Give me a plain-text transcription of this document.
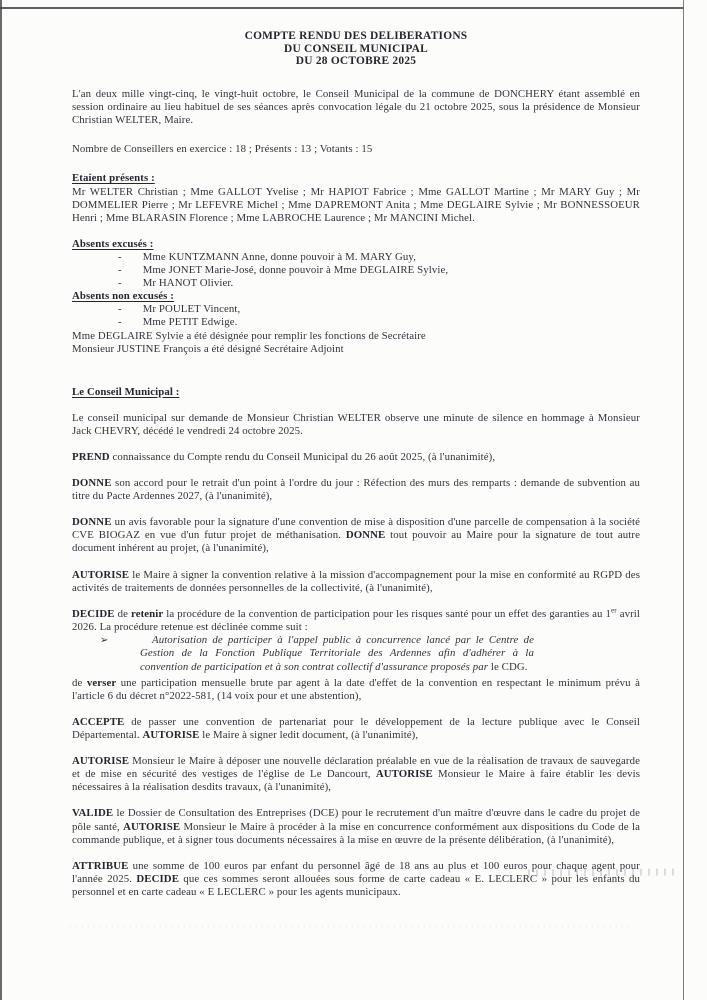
COMPTE RENDU DES DELIBERATIONS
DU CONSEIL MUNICIPAL
DU 28 OCTOBRE 2025
L'an deux mille vingt-cinq, le vingt-huit octobre, le Conseil Municipal de la commune de DONCHERY étant assemblé en session ordinaire au lieu habituel de ses séances après convocation légale du 21 octobre 2025, sous la présidence de Monsieur Christian WELTER, Maire.
Nombre de Conseillers en exercice : 18 ; Présents : 13 ; Votants : 15
Etaient présents :
Mr WELTER Christian ; Mme GALLOT Yvelise ; Mr HAPIOT Fabrice ; Mme GALLOT Martine ; Mr MARY Guy ; Mr DOMMELIER Pierre ; Mr LEFEVRE Michel ; Mme DAPREMONT Anita ; Mme DEGLAIRE Sylvie ; Mr BONNESSOEUR Henri ; Mme BLARASIN Florence ; Mme LABROCHE Laurence ; Mr MANCINI Michel.
Absents excusés :
- Mme KUNTZMANN Anne, donne pouvoir à M. MARY Guy,
- Mme JONET Marie-José, donne pouvoir à Mme DEGLAIRE Sylvie,
- Mr HANOT Olivier.
Absents non excusés :
- Mr POULET Vincent,
- Mme PETIT Edwige.
Mme DEGLAIRE Sylvie a été désignée pour remplir les fonctions de Secrétaire
Monsieur JUSTINE François a été désigné Secrétaire Adjoint
Le Conseil Municipal :
Le conseil municipal sur demande de Monsieur Christian WELTER observe une minute de silence en hommage à Monsieur Jack CHEVRY, décédé le vendredi 24 octobre 2025.
PREND connaissance du Compte rendu du Conseil Municipal du 26 août 2025, (à l'unanimité),
DONNE son accord pour le retrait d'un point à l'ordre du jour : Réfection des murs des remparts : demande de subvention au titre du Pacte Ardennes 2027, (à l'unanimité),
DONNE un avis favorable pour la signature d'une convention de mise à disposition d'une parcelle de compensation à la société CVE BIOGAZ en vue d'un futur projet de méthanisation. DONNE tout pouvoir au Maire pour la signature de tout autre document inhérent au projet, (à l'unanimité),
AUTORISE le Maire à signer la convention relative à la mission d'accompagnement pour la mise en conformité au RGPD des activités de traitements de données personnelles de la collectivité, (à l'unanimité),
DECIDE de retenir la procédure de la convention de participation pour les risques santé pour un effet des garanties au 1er avril 2026. La procédure retenue est déclinée comme suit :
➢	Autorisation de participer à l'appel public à concurrence lancé par le Centre de Gestion de la Fonction Publique Territoriale des Ardennes afin d'adhérer à la convention de participation et à son contrat collectif d'assurance proposés par le CDG.
de verser une participation mensuelle brute par agent à la date d'effet de la convention en respectant le minimum prévu à l'article 6 du décret n°2022-581, (14 voix pour et une abstention),
ACCEPTE de passer une convention de partenariat pour le développement de la lecture publique avec le Conseil Départemental. AUTORISE le Maire à signer ledit document, (à l'unanimité),
AUTORISE Monsieur le Maire à déposer une nouvelle déclaration préalable en vue de la réalisation de travaux de sauvegarde et de mise en sécurité des vestiges de l'église de Le Dancourt, AUTORISE Monsieur le Maire à faire établir les devis nécessaires à la réalisation desdits travaux, (à l'unanimité),
VALIDE le Dossier de Consultation des Entreprises (DCE) pour le recrutement d'un maître d'œuvre dans le cadre du projet de pôle santé, AUTORISE Monsieur le Maire à procéder à la mise en concurrence conformément aux dispositions du Code de la commande publique, et à signer tous documents nécessaires à la mise en œuvre de la présente délibération, (à l'unanimité),
ATTRIBUE une somme de 100 euros par enfant du personnel âgé de 18 ans au plus et 100 euros pour chaque agent pour l'année 2025. DECIDE que ces sommes seront allouées sous forme de carte cadeau « E. LECLERC » pour les enfants du personnel et en carte cadeau « E LECLERC » pour les agents municipaux.
